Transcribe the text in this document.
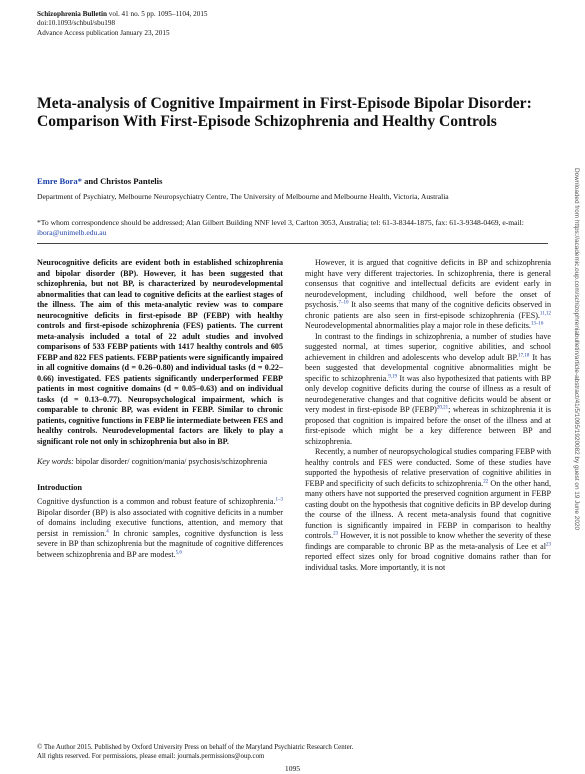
Schizophrenia Bulletin vol. 41 no. 5 pp. 1095–1104, 2015
doi:10.1093/schbul/sbu198
Advance Access publication January 23, 2015
Meta-analysis of Cognitive Impairment in First-Episode Bipolar Disorder: Comparison With First-Episode Schizophrenia and Healthy Controls
Emre Bora* and Christos Pantelis
Department of Psychiatry, Melbourne Neuropsychiatry Centre, The University of Melbourne and Melbourne Health, Victoria, Australia
*To whom correspondence should be addressed; Alan Gilbert Building NNF level 3, Carlton 3053, Australia; tel: 61-3-8344-1875, fax: 61-3-9348-0469, e-mail: ibora@unimelb.edu.au

Neurocognitive deficits are evident both in established schizophrenia and bipolar disorder (BP). However, it has been suggested that schizophrenia, but not BP, is characterized by neurodevelopmental abnormalities that can lead to cognitive deficits at the earliest stages of the illness. The aim of this meta-analytic review was to compare neurocognitive deficits in first-episode BP (FEBP) with healthy controls and first-episode schizophrenia (FES) patients. The current meta-analysis included a total of 22 adult studies and involved comparisons of 533 FEBP patients with 1417 healthy controls and 605 FEBP and 822 FES patients. FEBP patients were significantly impaired in all cognitive domains (d = 0.26–0.80) and individual tasks (d = 0.22–0.66) investigated. FES patients significantly underperformed FEBP patients in most cognitive domains (d = 0.05–0.63) and on individual tasks (d = 0.13–0.77). Neuropsychological impairment, which is comparable to chronic BP, was evident in FEBP. Similar to chronic patients, cognitive functions in FEBP lie intermediate between FES and healthy controls. Neurodevelopmental factors are likely to play a significant role not only in schizophrenia but also in BP.

Key words: bipolar disorder/ cognition/mania/ psychosis/schizophrenia

Introduction

Cognitive dysfunction is a common and robust feature of schizophrenia.$^{1-3}$ Bipolar disorder (BP) is also associated with cognitive deficits in a number of domains including executive functions, attention, and memory that persist in remission.$^4$ In chronic samples, cognitive dysfunction is less severe in BP than schizophrenia but the magnitude of cognitive differences between schizophrenia and BP are modest.$^{5,6}$

However, it is argued that cognitive deficits in BP and schizophrenia might have very different trajectories. In schizophrenia, there is general consensus that cognitive and intellectual deficits are evident early in neurodevelopment, including childhood, well before the onset of psychosis.$^{7-10}$ It also seems that many of the cognitive deficits observed in chronic patients are also seen in first-episode schizophrenia (FES).$^{11,12}$ Neurodevelopmental abnormalities play a major role in these deficits.$^{13-16}$

In contrast to the findings in schizophrenia, a number of studies have suggested normal, at times superior, cognitive abilities, and school achievement in children and adolescents who develop adult BP.$^{17,18}$ It has been suggested that developmental cognitive abnormalities might be specific to schizophrenia.$^{9,19}$ It was also hypothesized that patients with BP only develop cognitive deficits during the course of illness as a result of neurodegenerative changes and that cognitive deficits would be absent or very modest in first-episode BP (FEBP)$^{20,21}$; whereas in schizophrenia it is proposed that cognition is impaired before the onset of the illness and at first-episode which might be a key difference between BP and schizophrenia.

Recently, a number of neuropsychological studies comparing FEBP with healthy controls and FES were conducted. Some of these studies have supported the hypothesis of relative preservation of cognitive abilities in FEBP and specificity of such deficits to schizophrenia.$^{22}$ On the other hand, many others have not supported the preserved cognition argument in FEBP casting doubt on the hypothesis that cognitive deficits in BP develop during the course of the illness. A recent meta-analysis found that cognitive function is significantly impaired in FEBP in comparison to healthy controls.$^{23}$ However, it is not possible to know whether the severity of these findings are comparable to chronic BP as the meta-analysis of Lee et $al^{23}$ reported effect sizes only for broad cognitive domains rather than for individual tasks. More importantly, it is not

© The Author 2015. Published by Oxford University Press on behalf of the Maryland Psychiatric Research Center.
All rights reserved. For permissions, please email: journals.permissions@oup.com
1095
Downloaded from https://academic.oup.com/schizophreniabulletin/article-abstract/41/5/1095/1920082 by guest on 19 June 2020
